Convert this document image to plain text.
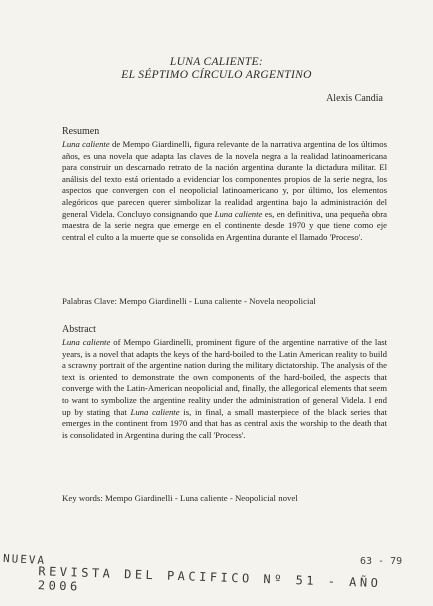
LUNA CALIENTE:
EL SÉPTIMO CÍRCULO ARGENTINO
Alexis Candia
Resumen
Luna caliente de Mempo Giardinelli, figura relevante de la narrativa argentina de los últimos años, es una novela que adapta las claves de la novela negra a la realidad latinoamericana para construir un descarnado retrato de la nación argentina durante la dictadura militar. El análisis del texto está orientado a evidenciar los componentes propios de la serie negra, los aspectos que convergen con el neopolicial latinoamericano y, por último, los elementos alegóricos que parecen querer simbolizar la realidad argentina bajo la administración del general Videla. Concluyo consignando que Luna caliente es, en definitiva, una pequeña obra maestra de la serie negra que emerge en el continente desde 1970 y que tiene como eje central el culto a la muerte que se consolida en Argentina durante el llamado 'Proceso'.
Palabras Clave: Mempo Giardinelli - Luna caliente - Novela neopolicial
Abstract
Luna caliente of Mempo Giardinelli, prominent figure of the argentine narrative of the last years, is a novel that adapts the keys of the hard-boiled to the Latin American reality to build a scrawny portrait of the argentine nation during the military dictatorship. The analysis of the text is oriented to demonstrate the own components of the hard-boiled, the aspects that converge with the Latin-American neopolicial and, finally, the allegorical elements that seem to want to symbolize the argentine reality under the administration of general Videla. I end up by stating that Luna caliente is, in final, a small masterpiece of the black series that emerges in the continent from 1970 and that has as central axis the worship to the death that is consolidated in Argentina during the call 'Process'.
Key words: Mempo Giardinelli - Luna caliente - Neopolicial novel
NUEVA
REVISTA DEL PACIFICO Nº 51 - AÑO 2006
63 - 79
